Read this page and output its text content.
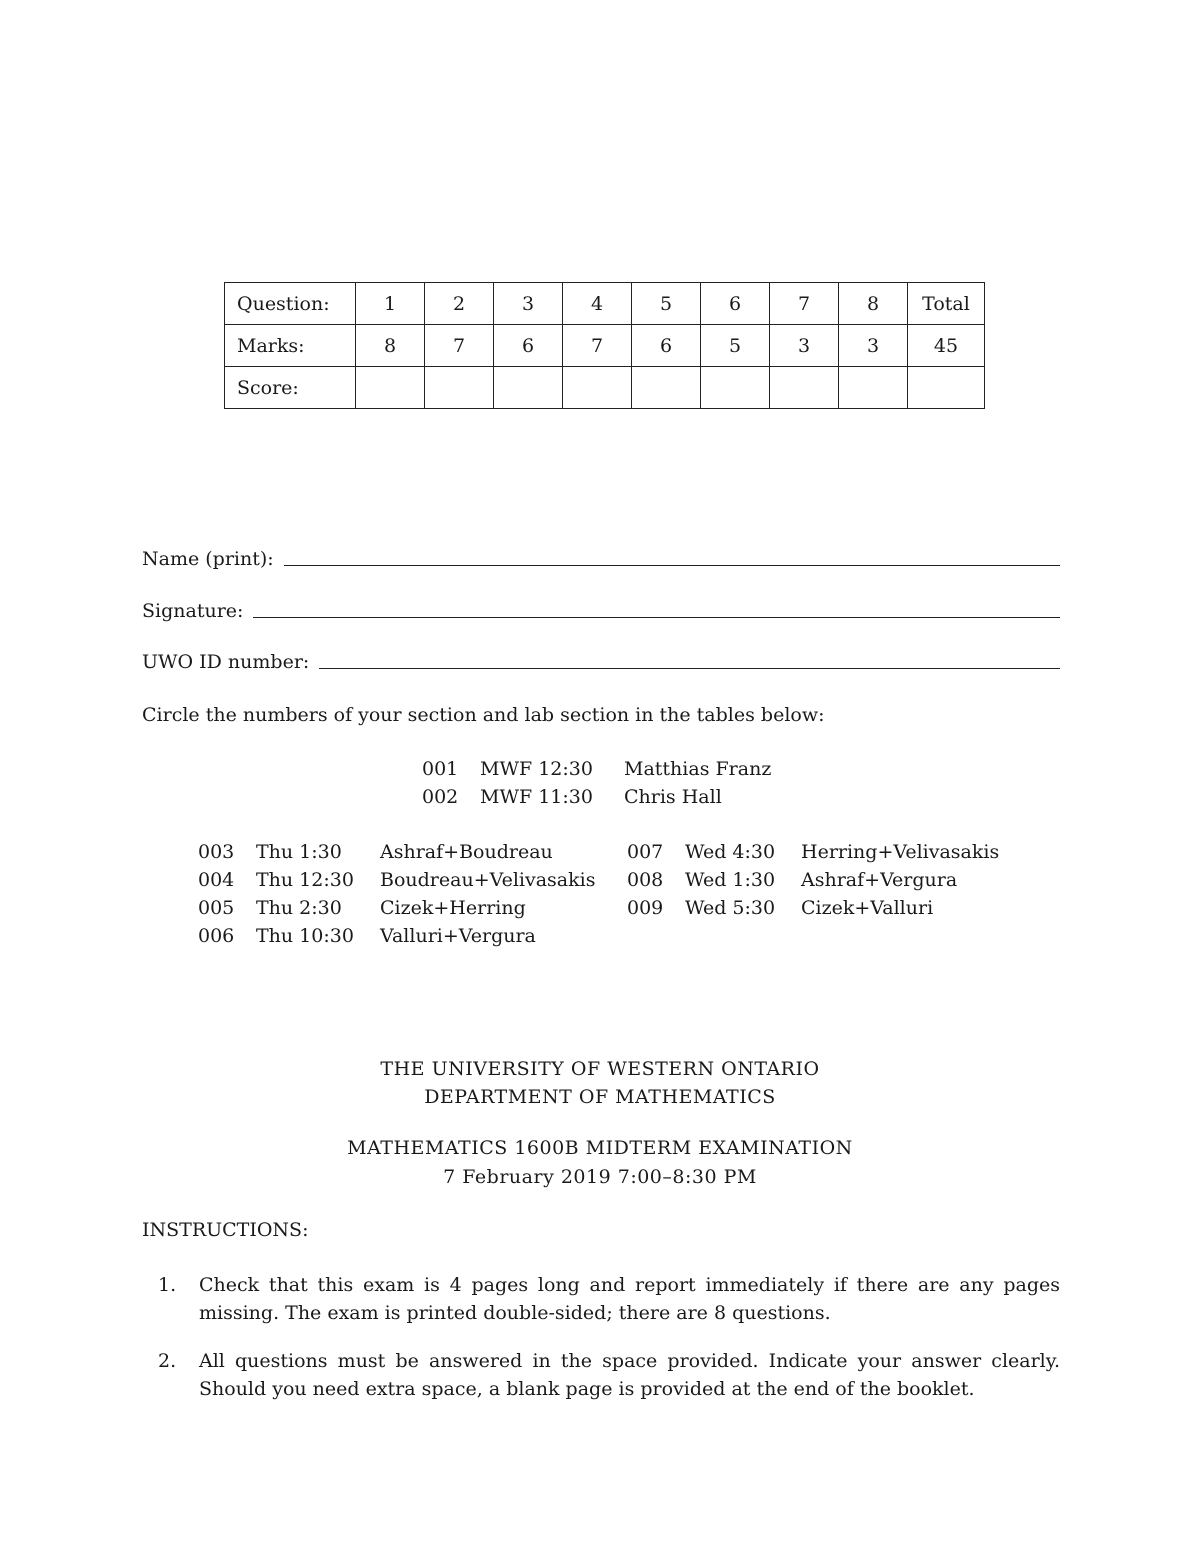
Question:	1	2	3	4	5	6	7	8	Total
Marks:	8	7	6	7	6	5	3	3	45
Score:									
Name (print):
Signature:
UWO ID number:
Circle the numbers of your section and lab section in the tables below:
001	MWF 12:30	Matthias Franz
002	MWF 11:30	Chris Hall
003	Thu 1:30	Ashraf+Boudreau
004	Thu 12:30	Boudreau+Velivasakis
005	Thu 2:30	Cizek+Herring
006	Thu 10:30	Valluri+Vergura
007	Wed 4:30	Herring+Velivasakis
008	Wed 1:30	Ashraf+Vergura
009	Wed 5:30	Cizek+Valluri
THE UNIVERSITY OF WESTERN ONTARIO
DEPARTMENT OF MATHEMATICS
MATHEMATICS 1600B MIDTERM EXAMINATION
7 February 2019 7:00–8:30 PM
INSTRUCTIONS:
1. Check that this exam is 4 pages long and report immediately if there are any pages missing. The exam is printed double-sided; there are 8 questions.
2. All questions must be answered in the space provided. Indicate your answer clearly. Should you need extra space, a blank page is provided at the end of the booklet.
